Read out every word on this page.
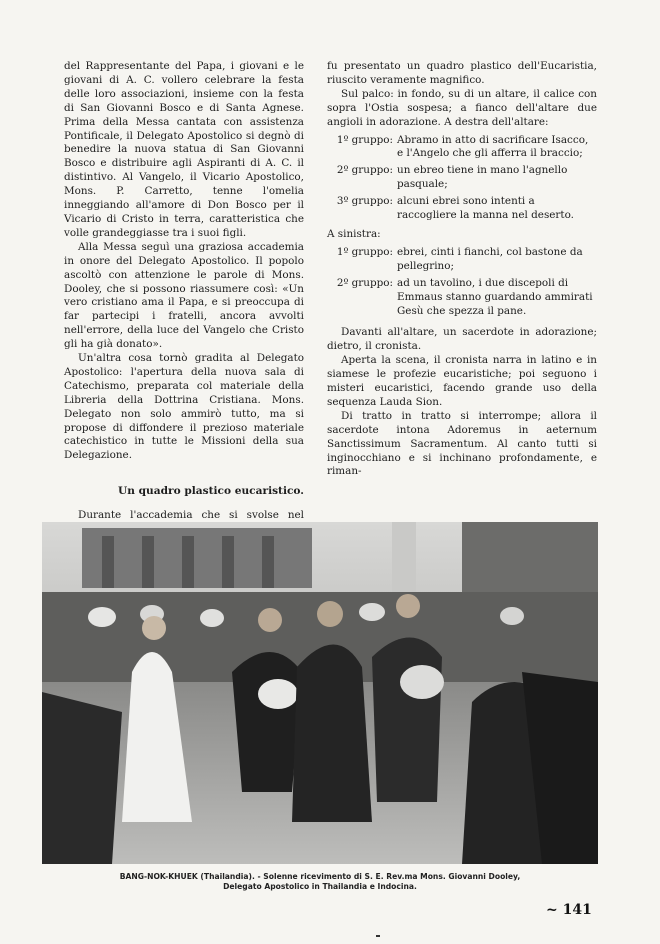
del Rappresentante del Papa, i giovani e le giovani di A. C. vollero celebrare la festa delle loro associazioni, insieme con la festa di San Giovanni Bosco e di Santa Agnese. Prima della Messa cantata con assistenza Pontificale, il Delegato Apostolico si degnò di benedire la nuova statua di San Giovanni Bosco e distribuire agli Aspiranti di A. C. il distintivo. Al Vangelo, il Vicario Apostolico, Mons. P. Carretto, tenne l'omelia inneggiando all'amore di Don Bosco per il Vicario di Cristo in terra, caratteristica che volle grandeggiasse tra i suoi figli.

Alla Messa seguì una graziosa accademia in onore del Delegato Apostolico. Il popolo ascoltò con attenzione le parole di Mons. Dooley, che si possono riassumere così: «Un vero cristiano ama il Papa, e si preoccupa di far partecipi i fratelli, ancora avvolti nell'errore, della luce del Vangelo che Cristo gli ha già donato».

Un'altra cosa tornò gradita al Delegato Apostolico: l'apertura della nuova sala di Catechismo, preparata col materiale della Libreria della Dottrina Cristiana. Mons. Delegato non solo ammirò tutto, ma si propose di diffondere il prezioso materiale catechistico in tutte le Missioni della sua Delegazione.

Un quadro plastico eucaristico.

Durante l'accademia che si svolse nel

fu presentato un quadro plastico dell'Eucaristia, riuscito veramente magnifico.

Sul palco: in fondo, su di un altare, il calice con sopra l'Ostia sospesa; a fianco dell'altare due angioli in adorazione. A destra dell'altare:

1º gruppo: Abramo in atto di sacrificare Isacco, e l'Angelo che gli afferra il braccio;
2º gruppo: un ebreo tiene in mano l'agnello pasquale;
3º gruppo: alcuni ebrei sono intenti a raccogliere la manna nel deserto.
A sinistra:
1º gruppo: ebrei, cinti i fianchi, col bastone da pellegrino;
2º gruppo: ad un tavolino, i due discepoli di Emmaus stanno guardando ammirati Gesù che spezza il pane.

Davanti all'altare, un sacerdote in adorazione; dietro, il cronista.

Aperta la scena, il cronista narra in latino e in siamese le profezie eucaristiche; poi seguono i misteri eucaristici, facendo grande uso della sequenza Lauda Sion.

Di tratto in tratto si interrompe; allora il sacerdote intona Adoremus in aeternum Sanctissimum Sacramentum. Al canto tutti si inginocchiano e si inchinano profondamente, e riman-

BANG-NOK-KHUEK (Thailandia). - Solenne ricevimento di S. E. Rev.ma Mons. Giovanni Dooley,
Delegato Apostolico in Thailandia e Indocina.
~ 141
